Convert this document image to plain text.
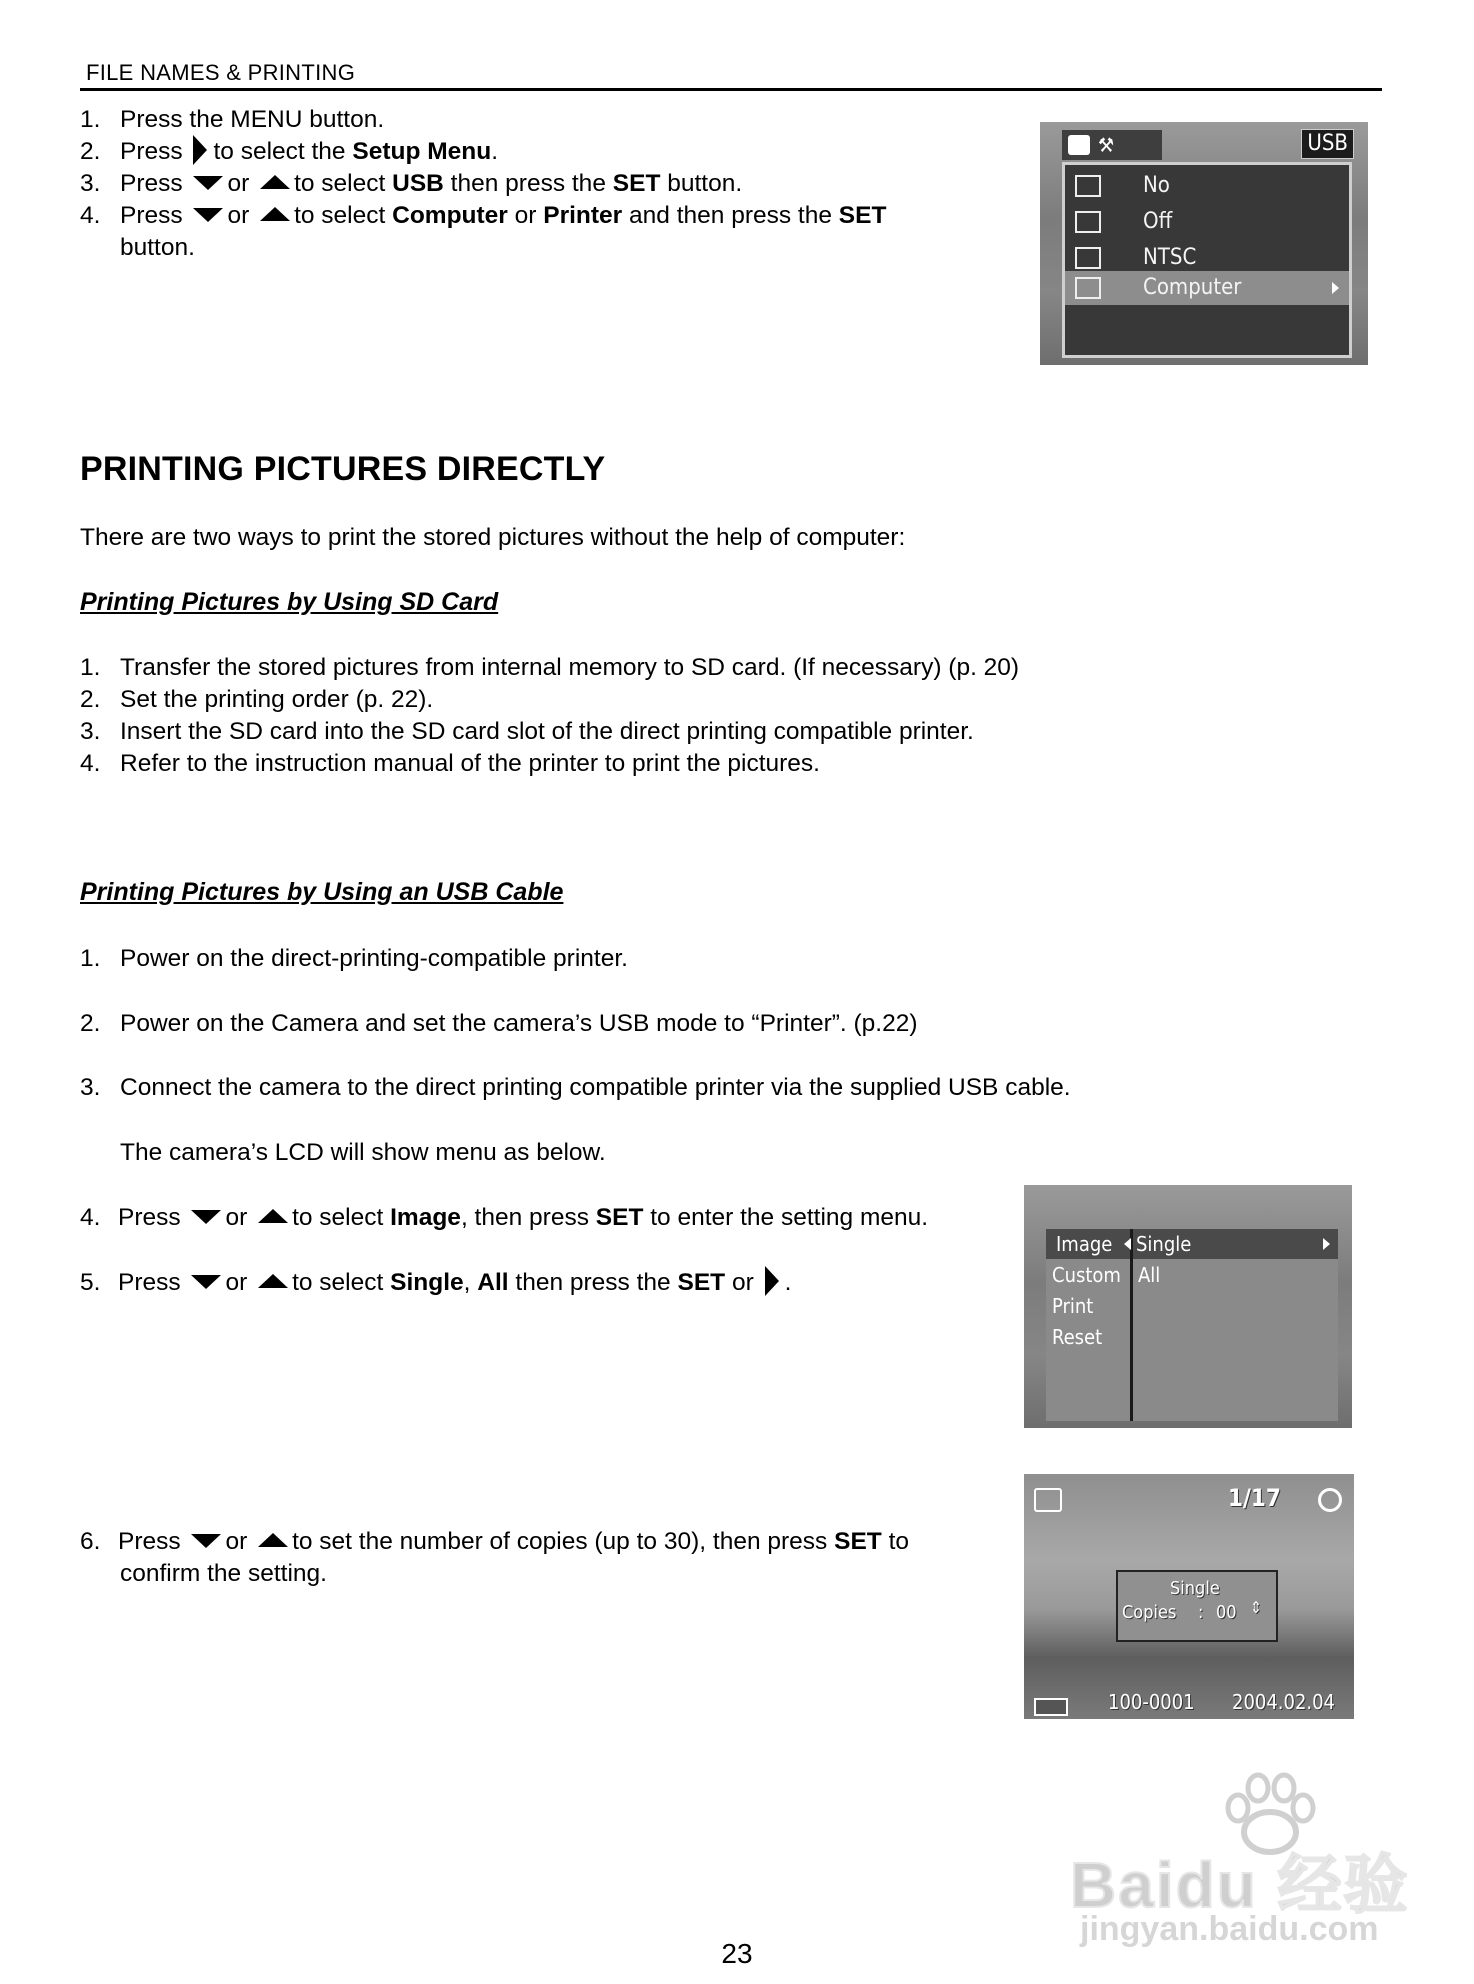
FILE NAMES & PRINTING
1. Press the MENU button.
2. Press to select the Setup Menu.
3. Press or to select USB then press the SET button.
4. Press or to select Computer or Printer and then press the SET
button.
⚒	USB
No
Off
NTSC
Computer
PRINTING PICTURES DIRECTLY
There are two ways to print the stored pictures without the help of computer:
Printing Pictures by Using SD Card
1. Transfer the stored pictures from internal memory to SD card. (If necessary) (p. 20)
2. Set the printing order (p. 22).
3. Insert the SD card into the SD card slot of the direct printing compatible printer.
4. Refer to the instruction manual of the printer to print the pictures.
Printing Pictures by Using an USB Cable
1. Power on the direct-printing-compatible printer.
2. Power on the Camera and set the camera’s USB mode to “Printer”. (p.22)
3. Connect the camera to the direct printing compatible printer via the supplied USB cable.
The camera’s LCD will show menu as below.
4. Press or to select Image, then press SET to enter the setting menu.
5. Press or to select Single, All then press the SET or .
6. Press or to set the number of copies (up to 30), then press SET to
confirm the setting.
Image Single
Custom All
Print
Reset
1/17
Single
Copies : 00 ⇕
100-0001 2004.02.04
23
Baidu 经验
jingyan.baidu.com
